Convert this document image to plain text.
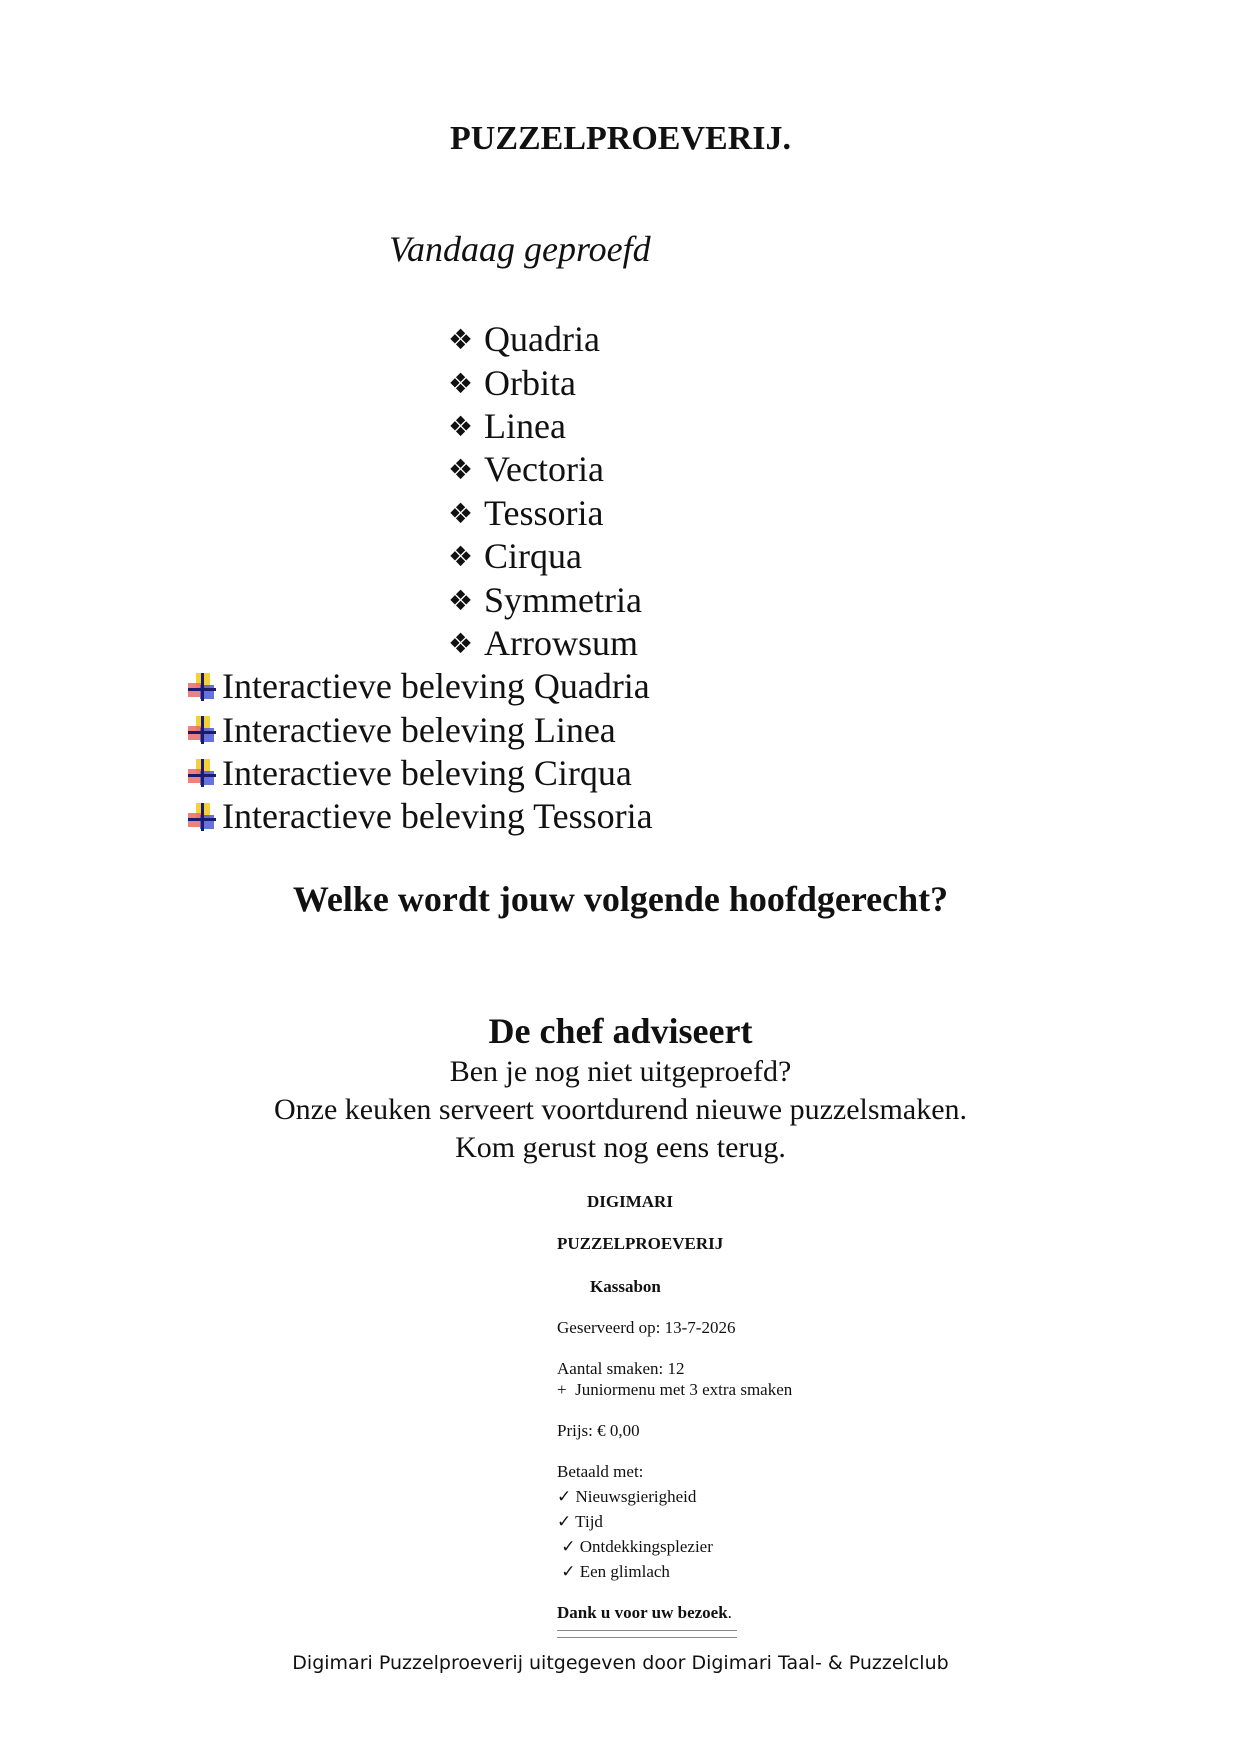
PUZZELPROEVERIJ.
Vandaag geproefd
❖ Quadria
❖ Orbita
❖ Linea
❖ Vectoria
❖ Tessoria
❖ Cirqua
❖ Symmetria
❖ Arrowsum
Interactieve beleving Quadria
Interactieve beleving Linea
Interactieve beleving Cirqua
Interactieve beleving Tessoria
Welke wordt jouw volgende hoofdgerecht?
De chef adviseert
Ben je nog niet uitgeproefd?
Onze keuken serveert voortdurend nieuwe puzzelsmaken.
Kom gerust nog eens terug.
DIGIMARI
PUZZELPROEVERIJ
Kassabon
Geserveerd op: 13-7-2026
Aantal smaken: 12
+  Juniormenu met 3 extra smaken
Prijs: € 0,00
Betaald met:
✓ Nieuwsgierigheid
✓ Tijd
✓ Ontdekkingsplezier
✓ Een glimlach
Dank u voor uw bezoek.
Digimari Puzzelproeverij uitgegeven door Digimari Taal- & Puzzelclub
